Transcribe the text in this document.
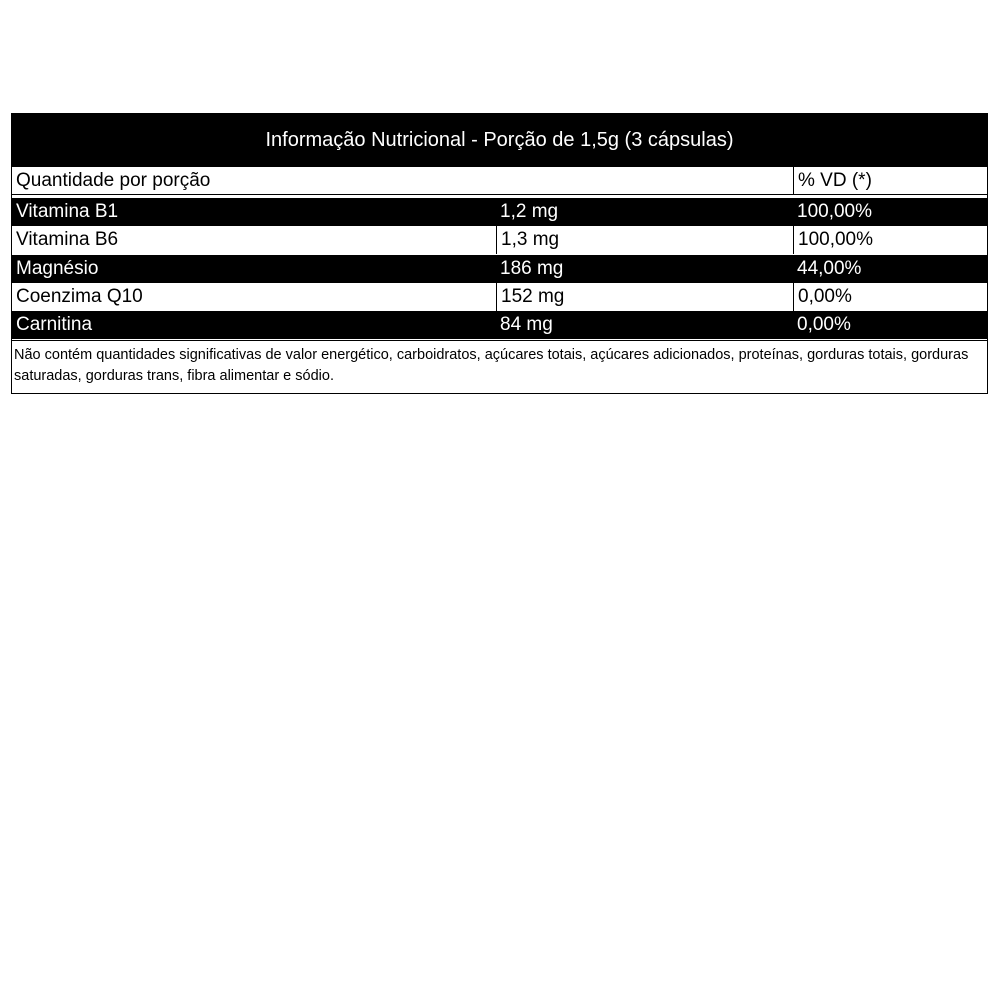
Informação Nutricional - Porção de 1,5g (3 cápsulas)
Quantidade por porção	% VD (*)
Vitamina B1	1,2 mg	100,00%
Vitamina B6	1,3 mg	100,00%
Magnésio	186 mg	44,00%
Coenzima Q10	152 mg	0,00%
Carnitina	84 mg	0,00%
Não contém quantidades significativas de valor energético, carboidratos, açúcares totais, açúcares adicionados, proteínas, gorduras totais, gorduras saturadas, gorduras trans, fibra alimentar e sódio.
